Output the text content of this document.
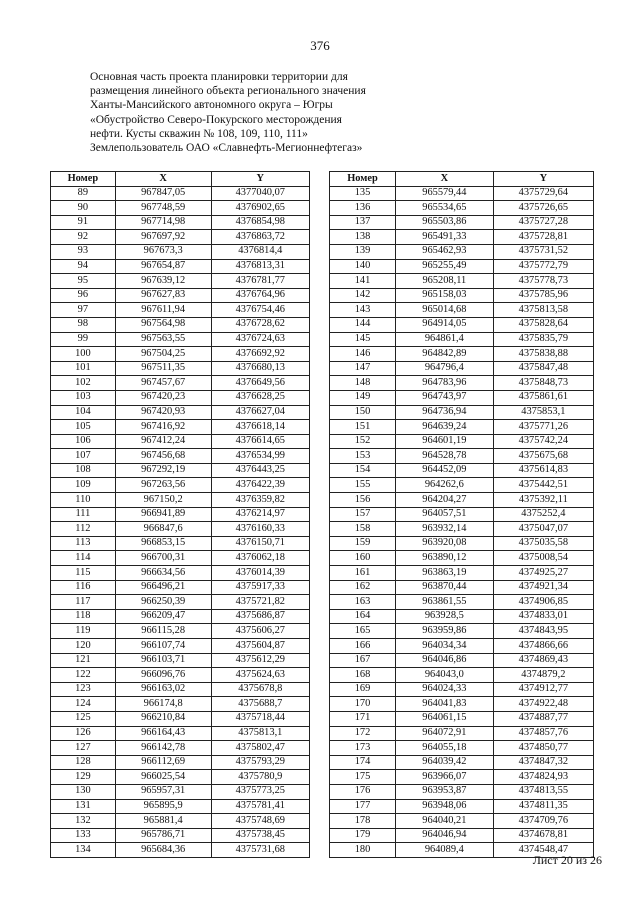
376
Основная часть проекта планировки территории для
размещения линейного объекта регионального значения
Ханты-Мансийского автономного округа – Югры
«Обустройство Северо-Покурского месторождения
нефти. Кусты скважин № 108, 109, 110, 111»
Землепользователь ОАО «Славнефть-Мегионнефтегаз»
Номер	X	Y
89	967847,05	4377040,07
90	967748,59	4376902,65
91	967714,98	4376854,98
92	967697,92	4376863,72
93	967673,3	4376814,4
94	967654,87	4376813,31
95	967639,12	4376781,77
96	967627,83	4376764,96
97	967611,94	4376754,46
98	967564,98	4376728,62
99	967563,55	4376724,63
100	967504,25	4376692,92
101	967511,35	4376680,13
102	967457,67	4376649,56
103	967420,23	4376628,25
104	967420,93	4376627,04
105	967416,92	4376618,14
106	967412,24	4376614,65
107	967456,68	4376534,99
108	967292,19	4376443,25
109	967263,56	4376422,39
110	967150,2	4376359,82
111	966941,89	4376214,97
112	966847,6	4376160,33
113	966853,15	4376150,71
114	966700,31	4376062,18
115	966634,56	4376014,39
116	966496,21	4375917,33
117	966250,39	4375721,82
118	966209,47	4375686,87
119	966115,28	4375606,27
120	966107,74	4375604,87
121	966103,71	4375612,29
122	966096,76	4375624,63
123	966163,02	4375678,8
124	966174,8	4375688,7
125	966210,84	4375718,44
126	966164,43	4375813,1
127	966142,78	4375802,47
128	966112,69	4375793,29
129	966025,54	4375780,9
130	965957,31	4375773,25
131	965895,9	4375781,41
132	965881,4	4375748,69
133	965786,71	4375738,45
134	965684,36	4375731,68
Номер	X	Y
135	965579,44	4375729,64
136	965534,65	4375726,65
137	965503,86	4375727,28
138	965491,33	4375728,81
139	965462,93	4375731,52
140	965255,49	4375772,79
141	965208,11	4375778,73
142	965158,03	4375785,96
143	965014,68	4375813,58
144	964914,05	4375828,64
145	964861,4	4375835,79
146	964842,89	4375838,88
147	964796,4	4375847,48
148	964783,96	4375848,73
149	964743,97	4375861,61
150	964736,94	4375853,1
151	964639,24	4375771,26
152	964601,19	4375742,24
153	964528,78	4375675,68
154	964452,09	4375614,83
155	964262,6	4375442,51
156	964204,27	4375392,11
157	964057,51	4375252,4
158	963932,14	4375047,07
159	963920,08	4375035,58
160	963890,12	4375008,54
161	963863,19	4374925,27
162	963870,44	4374921,34
163	963861,55	4374906,85
164	963928,5	4374833,01
165	963959,86	4374843,95
166	964034,34	4374866,66
167	964046,86	4374869,43
168	964043,0	4374879,2
169	964024,33	4374912,77
170	964041,83	4374922,48
171	964061,15	4374887,77
172	964072,91	4374857,76
173	964055,18	4374850,77
174	964039,42	4374847,32
175	963966,07	4374824,93
176	963953,87	4374813,55
177	963948,06	4374811,35
178	964040,21	4374709,76
179	964046,94	4374678,81
180	964089,4	4374548,47
Лист 20 из 26
